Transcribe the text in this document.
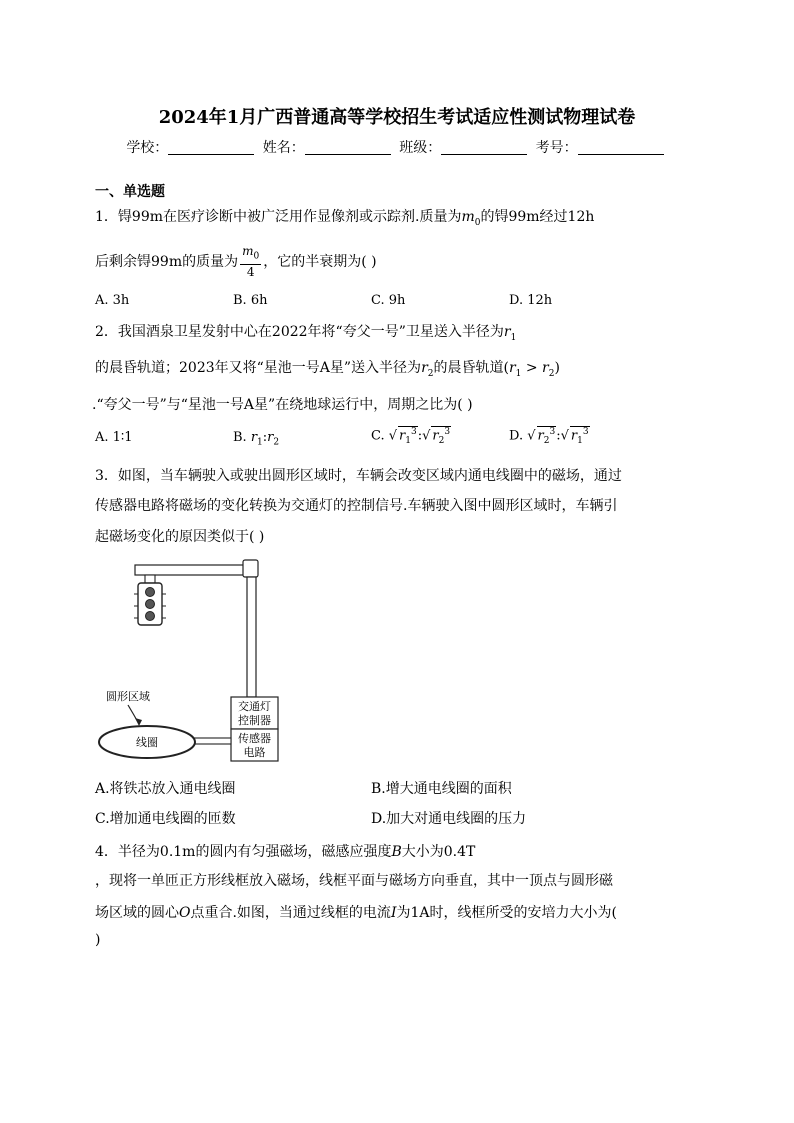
2024年1月广西普通高等学校招生考试适应性测试物理试卷
学校：	姓名：	班级：	考号：
一、单选题
1．锝99m在医疗诊断中被广泛用作显像剂或示踪剂.质量为$m_0$的锝99m经过12h
后剩余锝99m的质量为 $\frac{m_0}{4}$ ，它的半衰期为( )
A. 3h	B. 6h	C. 9h	D. 12h
2．我国酒泉卫星发射中心在2022年将“夸父一号”卫星送入半径为$r_1$
的晨昏轨道；2023年又将“星池一号A星”送入半径为$r_2$的晨昏轨道$(r_1 > r_2)$
.“夸父一号”与“星池一号A星”在绕地球运行中，周期之比为( )
A. 1∶1	B. $r_1:r_2$	C. √ $r_1^3:√$ $r_2^3$	D. √ $r_2^3:√$ $r_1^3$
3．如图，当车辆驶入或驶出圆形区域时，车辆会改变区域内通电线圈中的磁场，通过
传感器电路将磁场的变化转换为交通灯的控制信号.车辆驶入图中圆形区域时，车辆引
起磁场变化的原因类似于( )
交通灯
控制器
传感器
电路
线圈
圆形区域
A.将铁芯放入通电线圈	B.增大通电线圈的面积
C.增加通电线圈的匝数	D.加大对通电线圈的压力
4．半径为0.1m的圆内有匀强磁场，磁感应强度B大小为0.4T
，现将一单匝正方形线框放入磁场，线框平面与磁场方向垂直，其中一顶点与圆形磁
场区域的圆心O点重合.如图，当通过线框的电流I为1A时，线框所受的安培力大小为(
)
